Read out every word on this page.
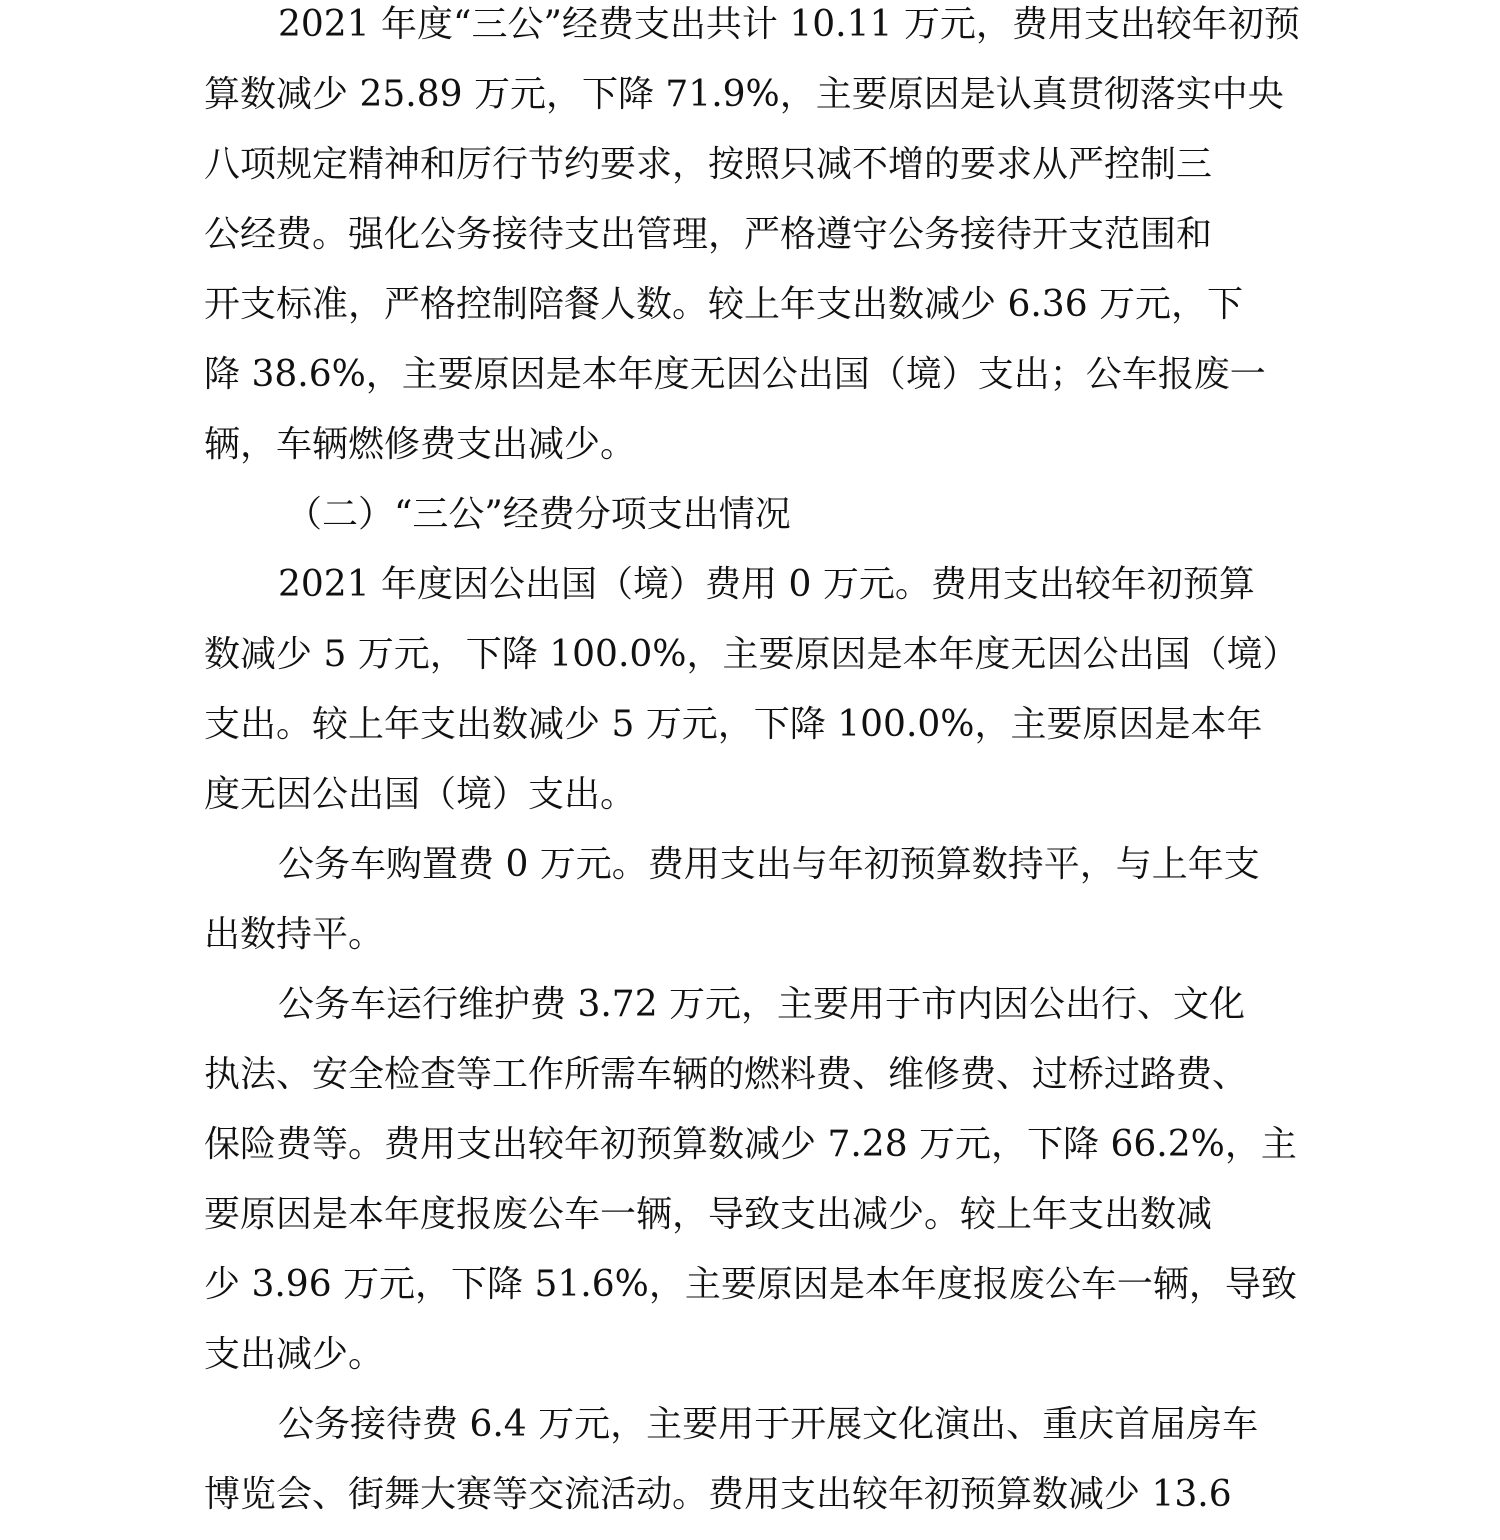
2021 年度“三公”经费支出共计 10.11 万元，费用支出较年初预
算数减少 25.89 万元，下降 71.9%，主要原因是认真贯彻落实中央
八项规定精神和厉行节约要求，按照只减不增的要求从严控制三
公经费。强化公务接待支出管理，严格遵守公务接待开支范围和
开支标准，严格控制陪餐人数。较上年支出数减少 6.36 万元，下
降 38.6%，主要原因是本年度无因公出国（境）支出；公车报废一
辆，车辆燃修费支出减少。
（二）“三公”经费分项支出情况
2021 年度因公出国（境）费用 0 万元。费用支出较年初预算
数减少 5 万元，下降 100.0%，主要原因是本年度无因公出国（境）
支出。较上年支出数减少 5 万元，下降 100.0%，主要原因是本年
度无因公出国（境）支出。
公务车购置费 0 万元。费用支出与年初预算数持平，与上年支
出数持平。
公务车运行维护费 3.72 万元，主要用于市内因公出行、文化
执法、安全检查等工作所需车辆的燃料费、维修费、过桥过路费、
保险费等。费用支出较年初预算数减少 7.28 万元，下降 66.2%，主
要原因是本年度报废公车一辆，导致支出减少。较上年支出数减
少 3.96 万元，下降 51.6%，主要原因是本年度报废公车一辆，导致
支出减少。
公务接待费 6.4 万元，主要用于开展文化演出、重庆首届房车
博览会、街舞大赛等交流活动。费用支出较年初预算数减少 13.6
